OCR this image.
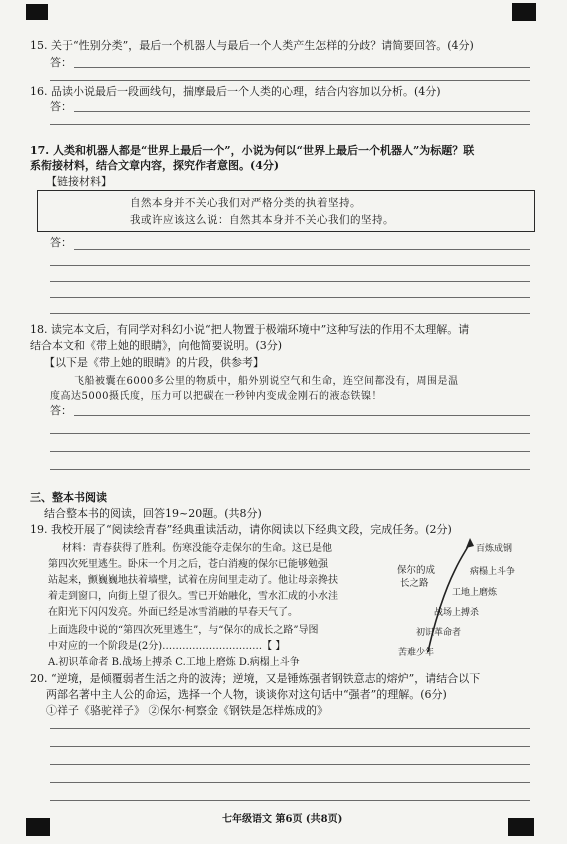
15. 关于“性别分类”，最后一个机器人与最后一个人类产生怎样的分歧？请简要回答。(4分)
答：
16. 品读小说最后一段画线句，揣摩最后一个人类的心理，结合内容加以分析。(4分)
答：
17. 人类和机器人都是“世界上最后一个”，小说为何以“世界上最后一个机器人”为标题？联
系衔接材料，结合文章内容，探究作者意图。(4分)
【链接材料】
自然本身并不关心我们对严格分类的执着坚持。
我或许应该这么说：自然其本身并不关心我们的坚持。
答：
18. 读完本文后，有同学对科幻小说“把人物置于极端环境中”这种写法的作用不太理解。请
结合本文和《带上她的眼睛》，向他简要说明。(3分)
【以下是《带上她的眼睛》的片段，供参考】
飞船被囊在6000多公里的物质中，船外别说空气和生命，连空间都没有，周围是温
度高达5000摄氏度，压力可以把碳在一秒钟内变成金刚石的液态铁镍！
答：
三、整本书阅读
结合整本书的阅读，回答19~20题。(共8分)
19. 我校开展了“阅读绘青春”经典重读活动，请你阅读以下经典文段，完成任务。(2分)
材料：青春获得了胜利。伤寒没能夺走保尔的生命。这已是他
第四次死里逃生。卧床一个月之后，苍白消瘦的保尔已能够勉强
站起来，颤巍巍地扶着墙壁，试着在房间里走动了。他让母亲搀扶
着走到窗口，向街上望了很久。雪已开始融化，雪水汇成的小水洼
在阳光下闪闪发亮。外面已经是冰雪消融的早春天气了。
上面选段中说的“第四次死里逃生”，与“保尔的成长之路”导图
中对应的一个阶段是(2分)…………………………【 】
A.初识革命者 B.战场上搏杀 C.工地上磨炼 D.病榻上斗争
保尔的成
长之路
百炼成钢
病榻上斗争
工地上磨炼
战场上搏杀
初识革命者
苦难少年
20. “逆境，是倾覆弱者生活之舟的波涛；逆境，又是锤炼强者钢铁意志的熔炉”，请结合以下
两部名著中主人公的命运，选择一个人物，谈谈你对这句话中“强者”的理解。(6分)
①祥子《骆驼祥子》 ②保尔·柯察金《钢铁是怎样炼成的》
七年级语文 第6页 (共8页)
